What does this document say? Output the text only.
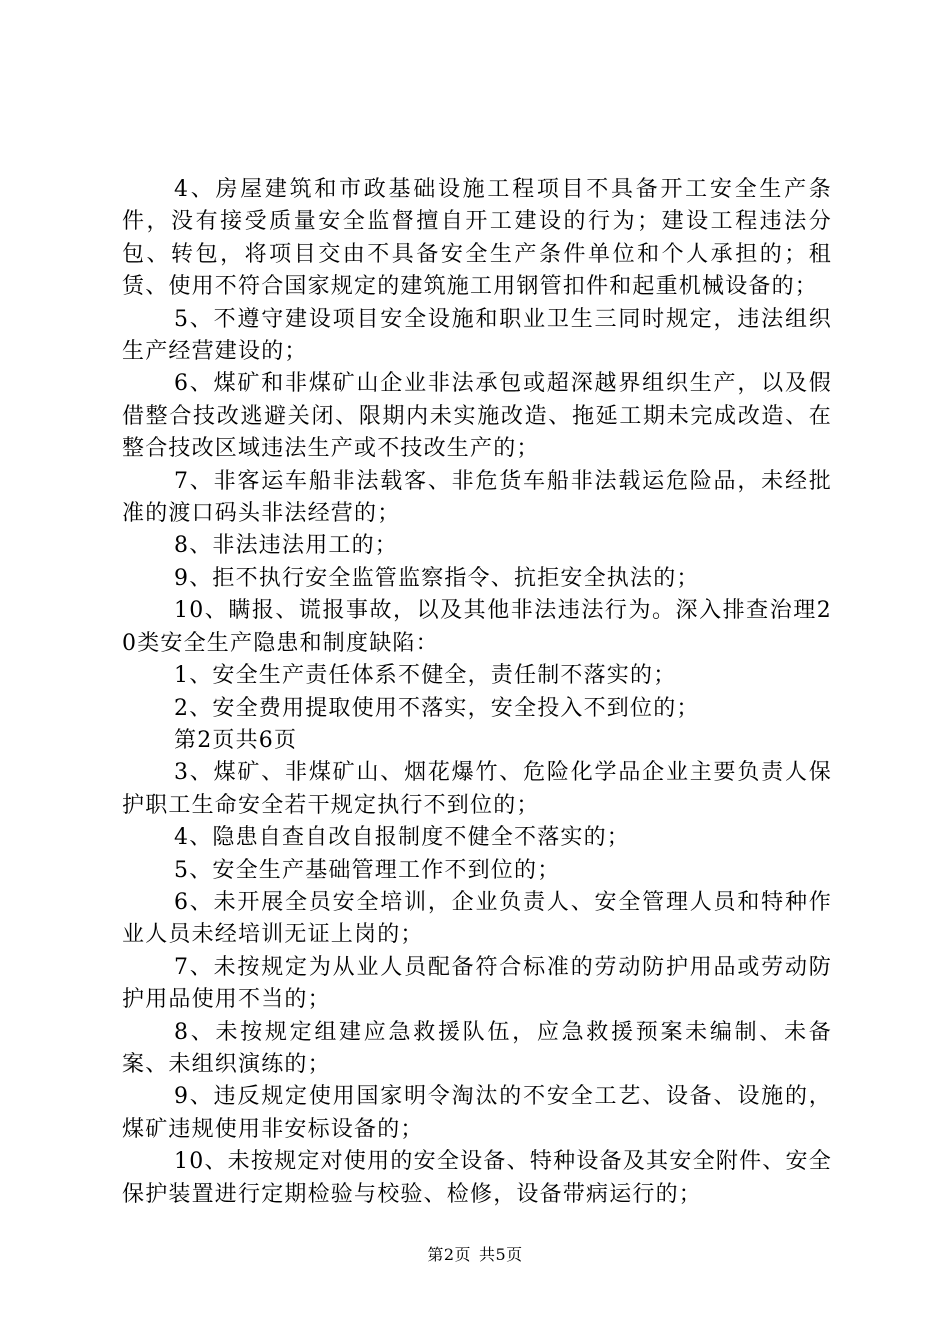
4、房屋建筑和市政基础设施工程项目不具备开工安全生产条件，没有接受质量安全监督擅自开工建设的行为；建设工程违法分包、转包，将项目交由不具备安全生产条件单位和个人承担的；租赁、使用不符合国家规定的建筑施工用钢管扣件和起重机械设备的；

5、不遵守建设项目安全设施和职业卫生三同时规定，违法组织生产经营建设的；

6、煤矿和非煤矿山企业非法承包或超深越界组织生产，以及假借整合技改逃避关闭、限期内未实施改造、拖延工期未完成改造、在整合技改区域违法生产或不技改生产的；

7、非客运车船非法载客、非危货车船非法载运危险品，未经批准的渡口码头非法经营的；

8、非法违法用工的；

9、拒不执行安全监管监察指令、抗拒安全执法的；

10、瞒报、谎报事故，以及其他非法违法行为。深入排查治理20类安全生产隐患和制度缺陷：

1、安全生产责任体系不健全，责任制不落实的；

2、安全费用提取使用不落实，安全投入不到位的；

第2页共6页

3、煤矿、非煤矿山、烟花爆竹、危险化学品企业主要负责人保护职工生命安全若干规定执行不到位的；

4、隐患自查自改自报制度不健全不落实的；

5、安全生产基础管理工作不到位的；

6、未开展全员安全培训，企业负责人、安全管理人员和特种作业人员未经培训无证上岗的；

7、未按规定为从业人员配备符合标准的劳动防护用品或劳动防护用品使用不当的；

8、未按规定组建应急救援队伍，应急救援预案未编制、未备案、未组织演练的；

9、违反规定使用国家明令淘汰的不安全工艺、设备、设施的，煤矿违规使用非安标设备的；

10、未按规定对使用的安全设备、特种设备及其安全附件、安全保护装置进行定期检验与校验、检修，设备带病运行的；

第2页 共5页
